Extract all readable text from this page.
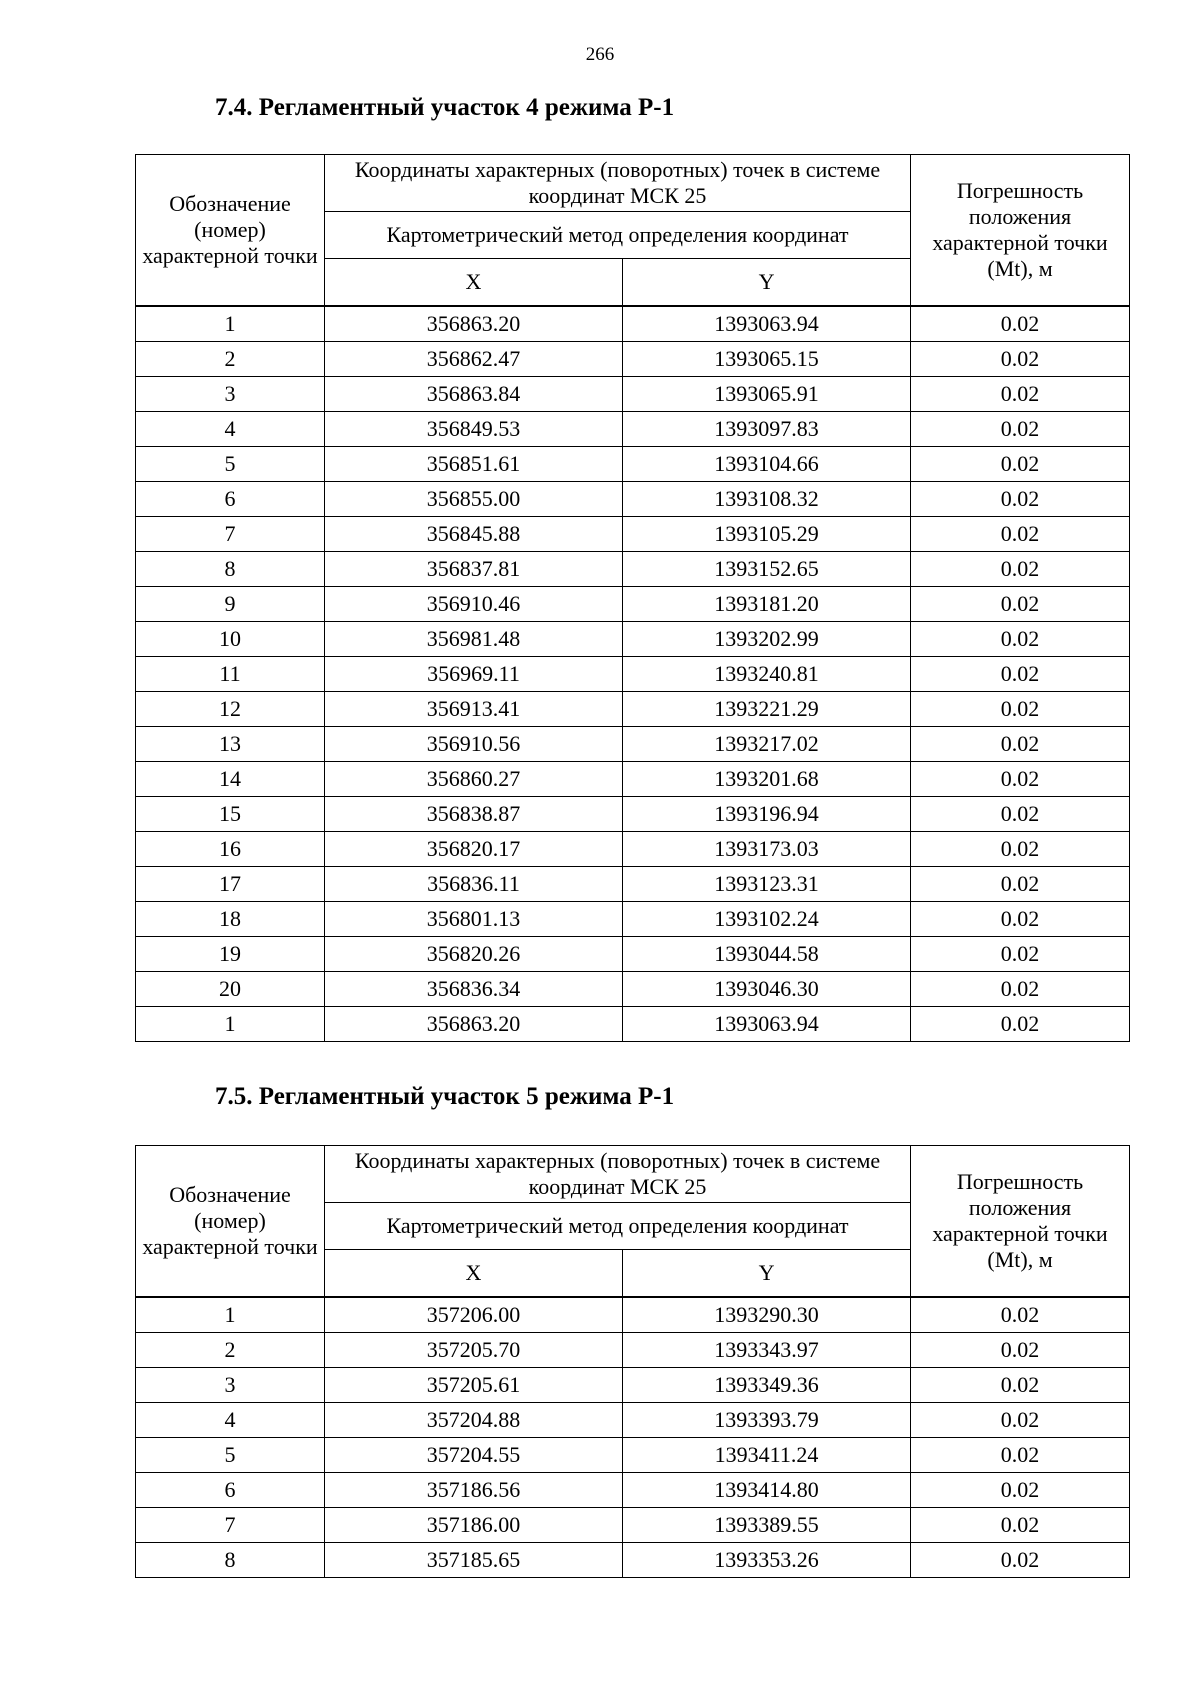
266
7.4. Регламентный участок 4 режима Р-1
Обозначение (номер) характерной точки	Координаты характерных (поворотных) точек в системе координат МСК 25		Погрешность положения характерной точки (Mt), м
	Картометрический метод определения координат		
	X	Y	
1	356863.20	1393063.94	0.02
2	356862.47	1393065.15	0.02
3	356863.84	1393065.91	0.02
4	356849.53	1393097.83	0.02
5	356851.61	1393104.66	0.02
6	356855.00	1393108.32	0.02
7	356845.88	1393105.29	0.02
8	356837.81	1393152.65	0.02
9	356910.46	1393181.20	0.02
10	356981.48	1393202.99	0.02
11	356969.11	1393240.81	0.02
12	356913.41	1393221.29	0.02
13	356910.56	1393217.02	0.02
14	356860.27	1393201.68	0.02
15	356838.87	1393196.94	0.02
16	356820.17	1393173.03	0.02
17	356836.11	1393123.31	0.02
18	356801.13	1393102.24	0.02
19	356820.26	1393044.58	0.02
20	356836.34	1393046.30	0.02
1	356863.20	1393063.94	0.02
7.5. Регламентный участок 5 режима Р-1
Обозначение (номер) характерной точки	Координаты характерных (поворотных) точек в системе координат МСК 25		Погрешность положения характерной точки (Mt), м
	Картометрический метод определения координат		
	X	Y	
1	357206.00	1393290.30	0.02
2	357205.70	1393343.97	0.02
3	357205.61	1393349.36	0.02
4	357204.88	1393393.79	0.02
5	357204.55	1393411.24	0.02
6	357186.56	1393414.80	0.02
7	357186.00	1393389.55	0.02
8	357185.65	1393353.26	0.02
